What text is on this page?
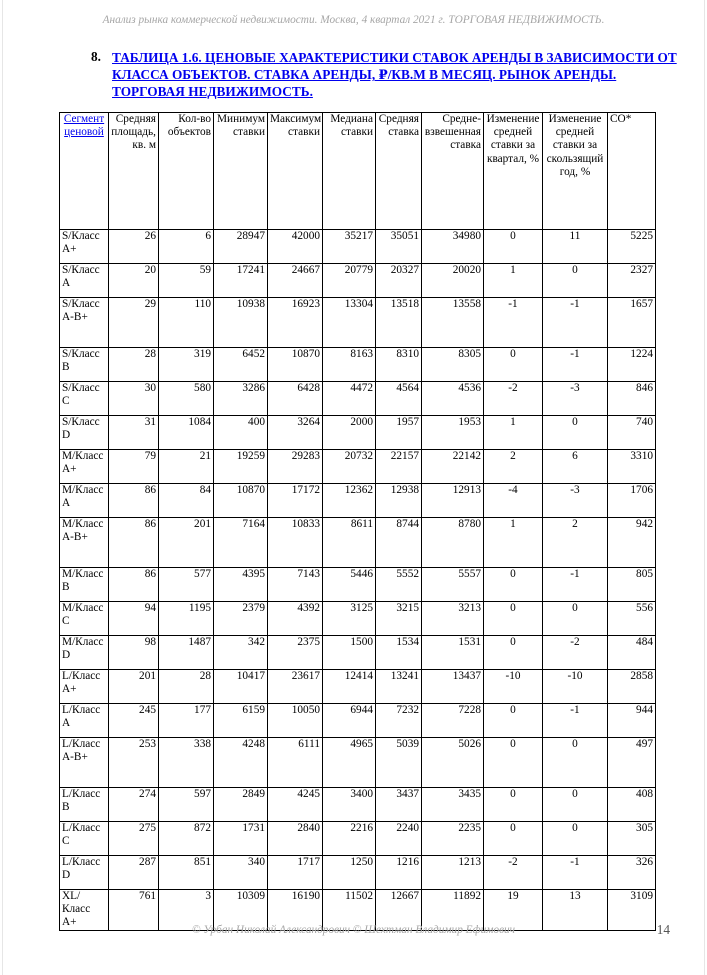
Анализ рынка коммерческой недвижимости. Москва, 4 квартал 2021 г. ТОРГОВАЯ НЕДВИЖИМОСТЬ.
8. ТАБЛИЦА 1.6. ЦЕНОВЫЕ ХАРАКТЕРИСТИКИ СТАВОК АРЕНДЫ В ЗАВИСИМОСТИ ОТ КЛАССА ОБЪЕКТОВ. СТАВКА АРЕНДЫ, ₽/КВ.М В МЕСЯЦ. РЫНОК АРЕНДЫ. ТОРГОВАЯ НЕДВИЖИМОСТЬ.
Сегмент ценовой	Средняя площадь, кв. м	Кол-во объектов	Минимум ставки	Максимум ставки	Медиана ставки	Средняя ставка	Средне-взвешенная ставка	Изменение средней ставки за квартал, %	Изменение средней ставки за скользящий год, %	СО*
S/Класс A+	26	6	28947	42000	35217	35051	34980	0	11	5225
S/Класс A	20	59	17241	24667	20779	20327	20020	1	0	2327
S/Класс A-B+	29	110	10938	16923	13304	13518	13558	-1	-1	1657
S/Класс B	28	319	6452	10870	8163	8310	8305	0	-1	1224
S/Класс C	30	580	3286	6428	4472	4564	4536	-2	-3	846
S/Класс D	31	1084	400	3264	2000	1957	1953	1	0	740
M/Класс A+	79	21	19259	29283	20732	22157	22142	2	6	3310
M/Класс A	86	84	10870	17172	12362	12938	12913	-4	-3	1706
M/Класс A-B+	86	201	7164	10833	8611	8744	8780	1	2	942
M/Класс B	86	577	4395	7143	5446	5552	5557	0	-1	805
M/Класс C	94	1195	2379	4392	3125	3215	3213	0	0	556
M/Класс D	98	1487	342	2375	1500	1534	1531	0	-2	484
L/Класс A+	201	28	10417	23617	12414	13241	13437	-10	-10	2858
L/Класс A	245	177	6159	10050	6944	7232	7228	0	-1	944
L/Класс A-B+	253	338	4248	6111	4965	5039	5026	0	0	497
L/Класс B	274	597	2849	4245	3400	3437	3435	0	0	408
L/Класс C	275	872	1731	2840	2216	2240	2235	0	0	305
L/Класс D	287	851	340	1717	1250	1216	1213	-2	-1	326
XL/Класс A+	761	3	10309	16190	11502	12667	11892	19	13	3109
© Урбан Николай Александрович © Шехтман Владимир Ефимович	14
